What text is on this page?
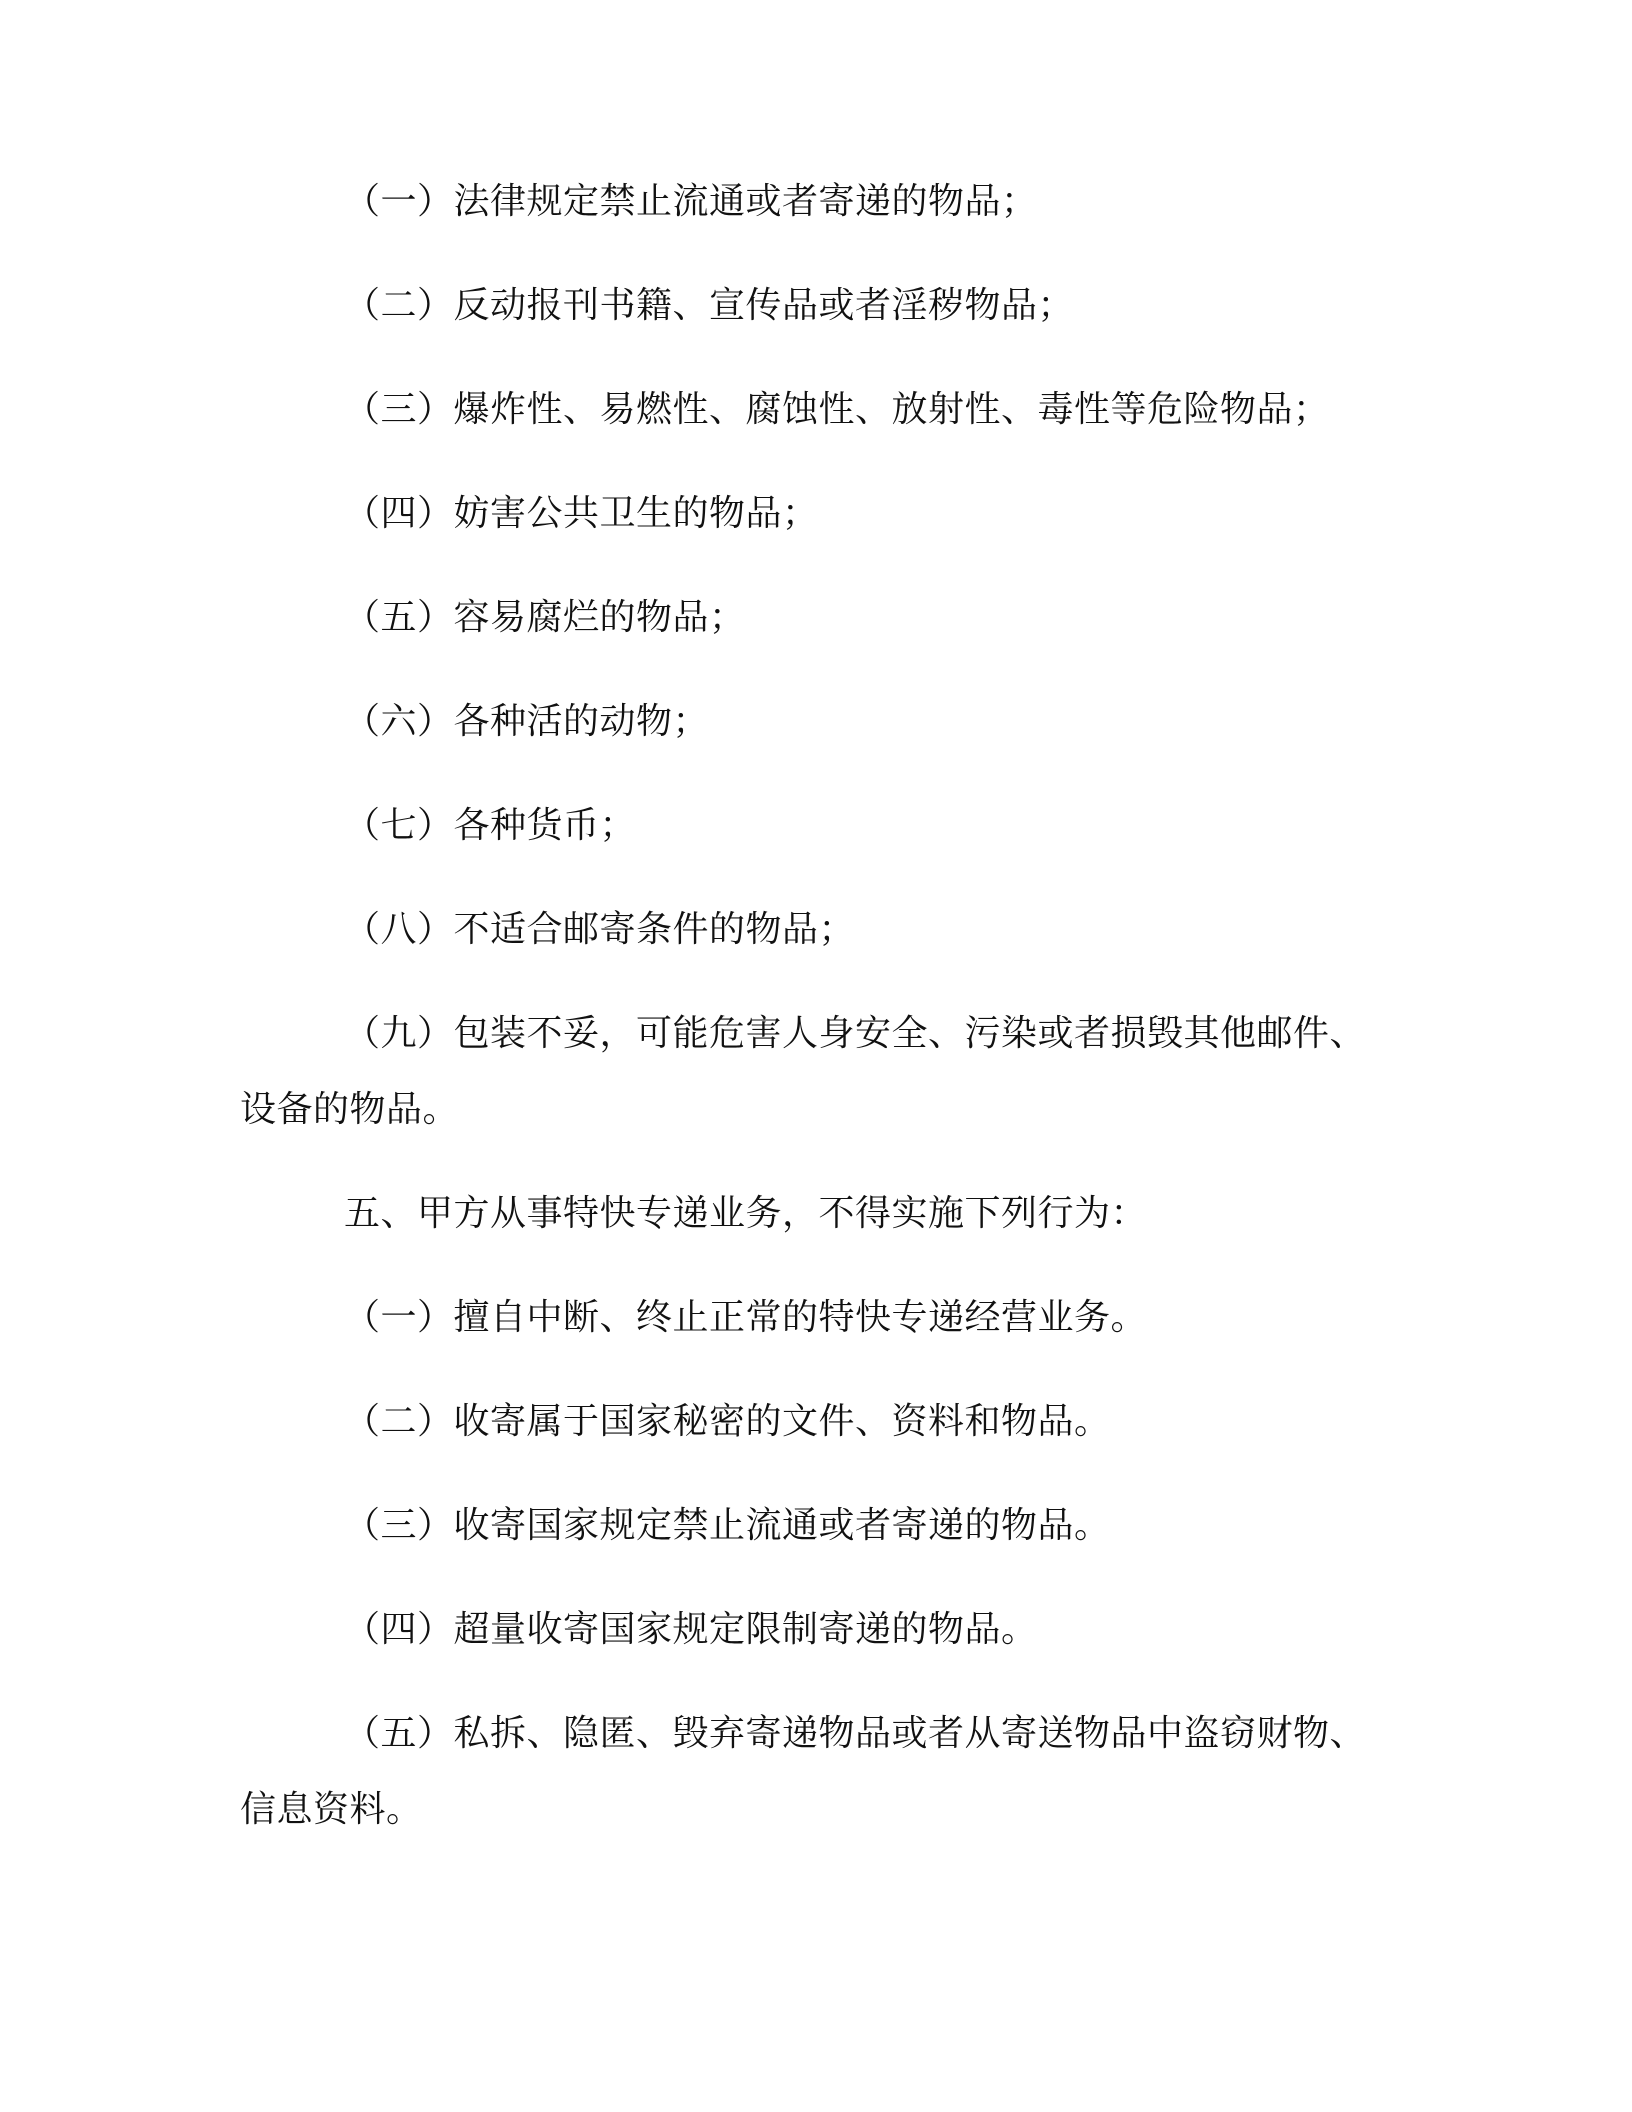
（一）法律规定禁止流通或者寄递的物品；

（二）反动报刊书籍、宣传品或者淫秽物品；

（三）爆炸性、易燃性、腐蚀性、放射性、毒性等危险物品；

（四）妨害公共卫生的物品；

（五）容易腐烂的物品；

（六）各种活的动物；

（七）各种货币；

（八）不适合邮寄条件的物品；

（九）包装不妥，可能危害人身安全、污染或者损毁其他邮件、设备的物品。

五、甲方从事特快专递业务，不得实施下列行为：

（一）擅自中断、终止正常的特快专递经营业务。

（二）收寄属于国家秘密的文件、资料和物品。

（三）收寄国家规定禁止流通或者寄递的物品。

（四）超量收寄国家规定限制寄递的物品。

（五）私拆、隐匿、毁弃寄递物品或者从寄送物品中盗窃财物、信息资料。
